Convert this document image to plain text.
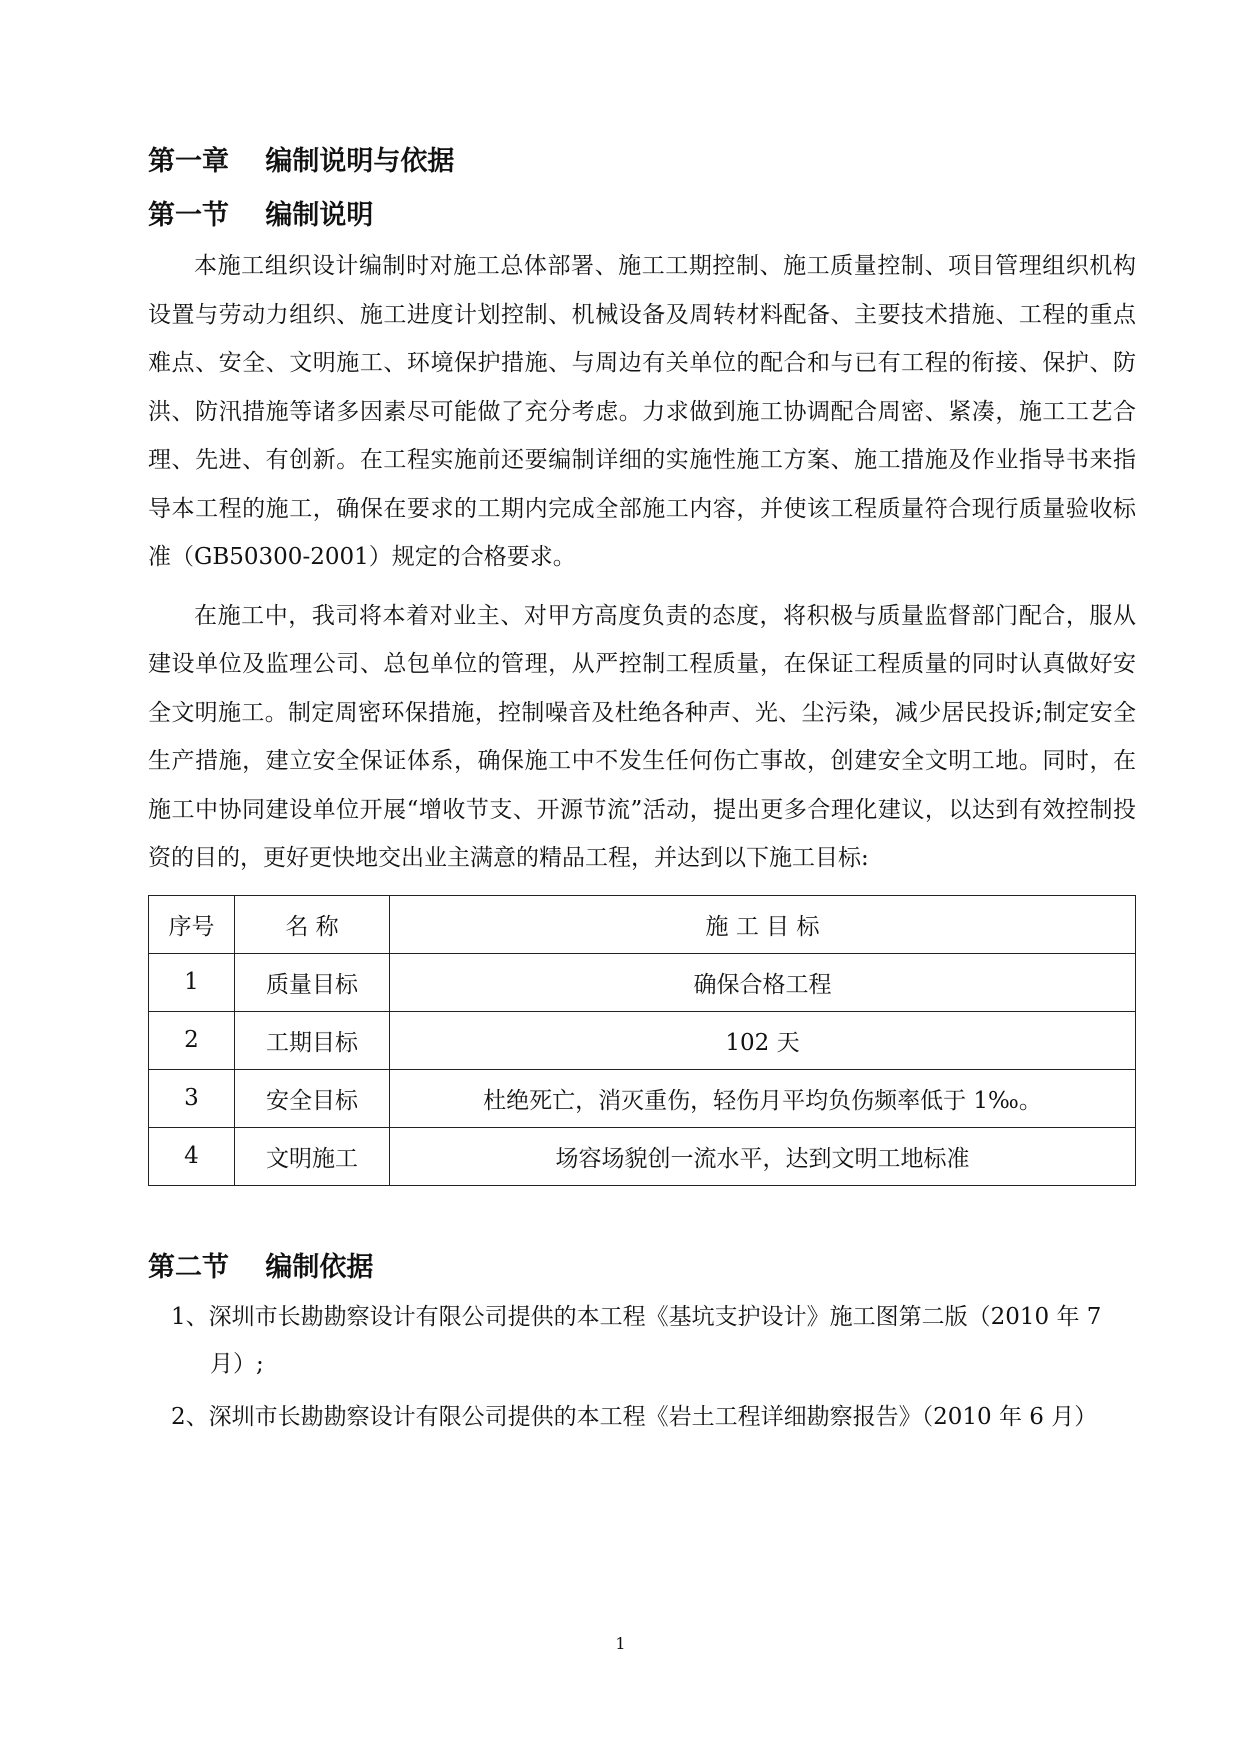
第一章　 编制说明与依据
第一节　 编制说明

本施工组织设计编制时对施工总体部署、施工工期控制、施工质量控制、项目管理组织机构设置与劳动力组织、施工进度计划控制、机械设备及周转材料配备、主要技术措施、工程的重点难点、安全、文明施工、环境保护措施、与周边有关单位的配合和与已有工程的衔接、保护、防洪、防汛措施等诸多因素尽可能做了充分考虑。力求做到施工协调配合周密、紧凑，施工工艺合理、先进、有创新。在工程实施前还要编制详细的实施性施工方案、施工措施及作业指导书来指导本工程的施工，确保在要求的工期内完成全部施工内容，并使该工程质量符合现行质量验收标准（GB50300-2001）规定的合格要求。

在施工中，我司将本着对业主、对甲方高度负责的态度，将积极与质量监督部门配合，服从建设单位及监理公司、总包单位的管理，从严控制工程质量，在保证工程质量的同时认真做好安全文明施工。制定周密环保措施，控制噪音及杜绝各种声、光、尘污染，减少居民投诉;制定安全生产措施，建立安全保证体系，确保施工中不发生任何伤亡事故，创建安全文明工地。同时，在施工中协同建设单位开展“增收节支、开源节流”活动，提出更多合理化建议，以达到有效控制投资的目的，更好更快地交出业主满意的精品工程，并达到以下施工目标:

序号	名 称	施 工 目 标
1	质量目标	确保合格工程
2	工期目标	102 天
3	安全目标	杜绝死亡，消灭重伤，轻伤月平均负伤频率低于 1‰。
4	文明施工	场容场貌创一流水平，达到文明工地标准
第二节　 编制依据
1、深圳市长勘勘察设计有限公司提供的本工程《基坑支护设计》施工图第二版（2010 年 7 月）;
2、深圳市长勘勘察设计有限公司提供的本工程《岩土工程详细勘察报告》（2010 年 6 月）
1
